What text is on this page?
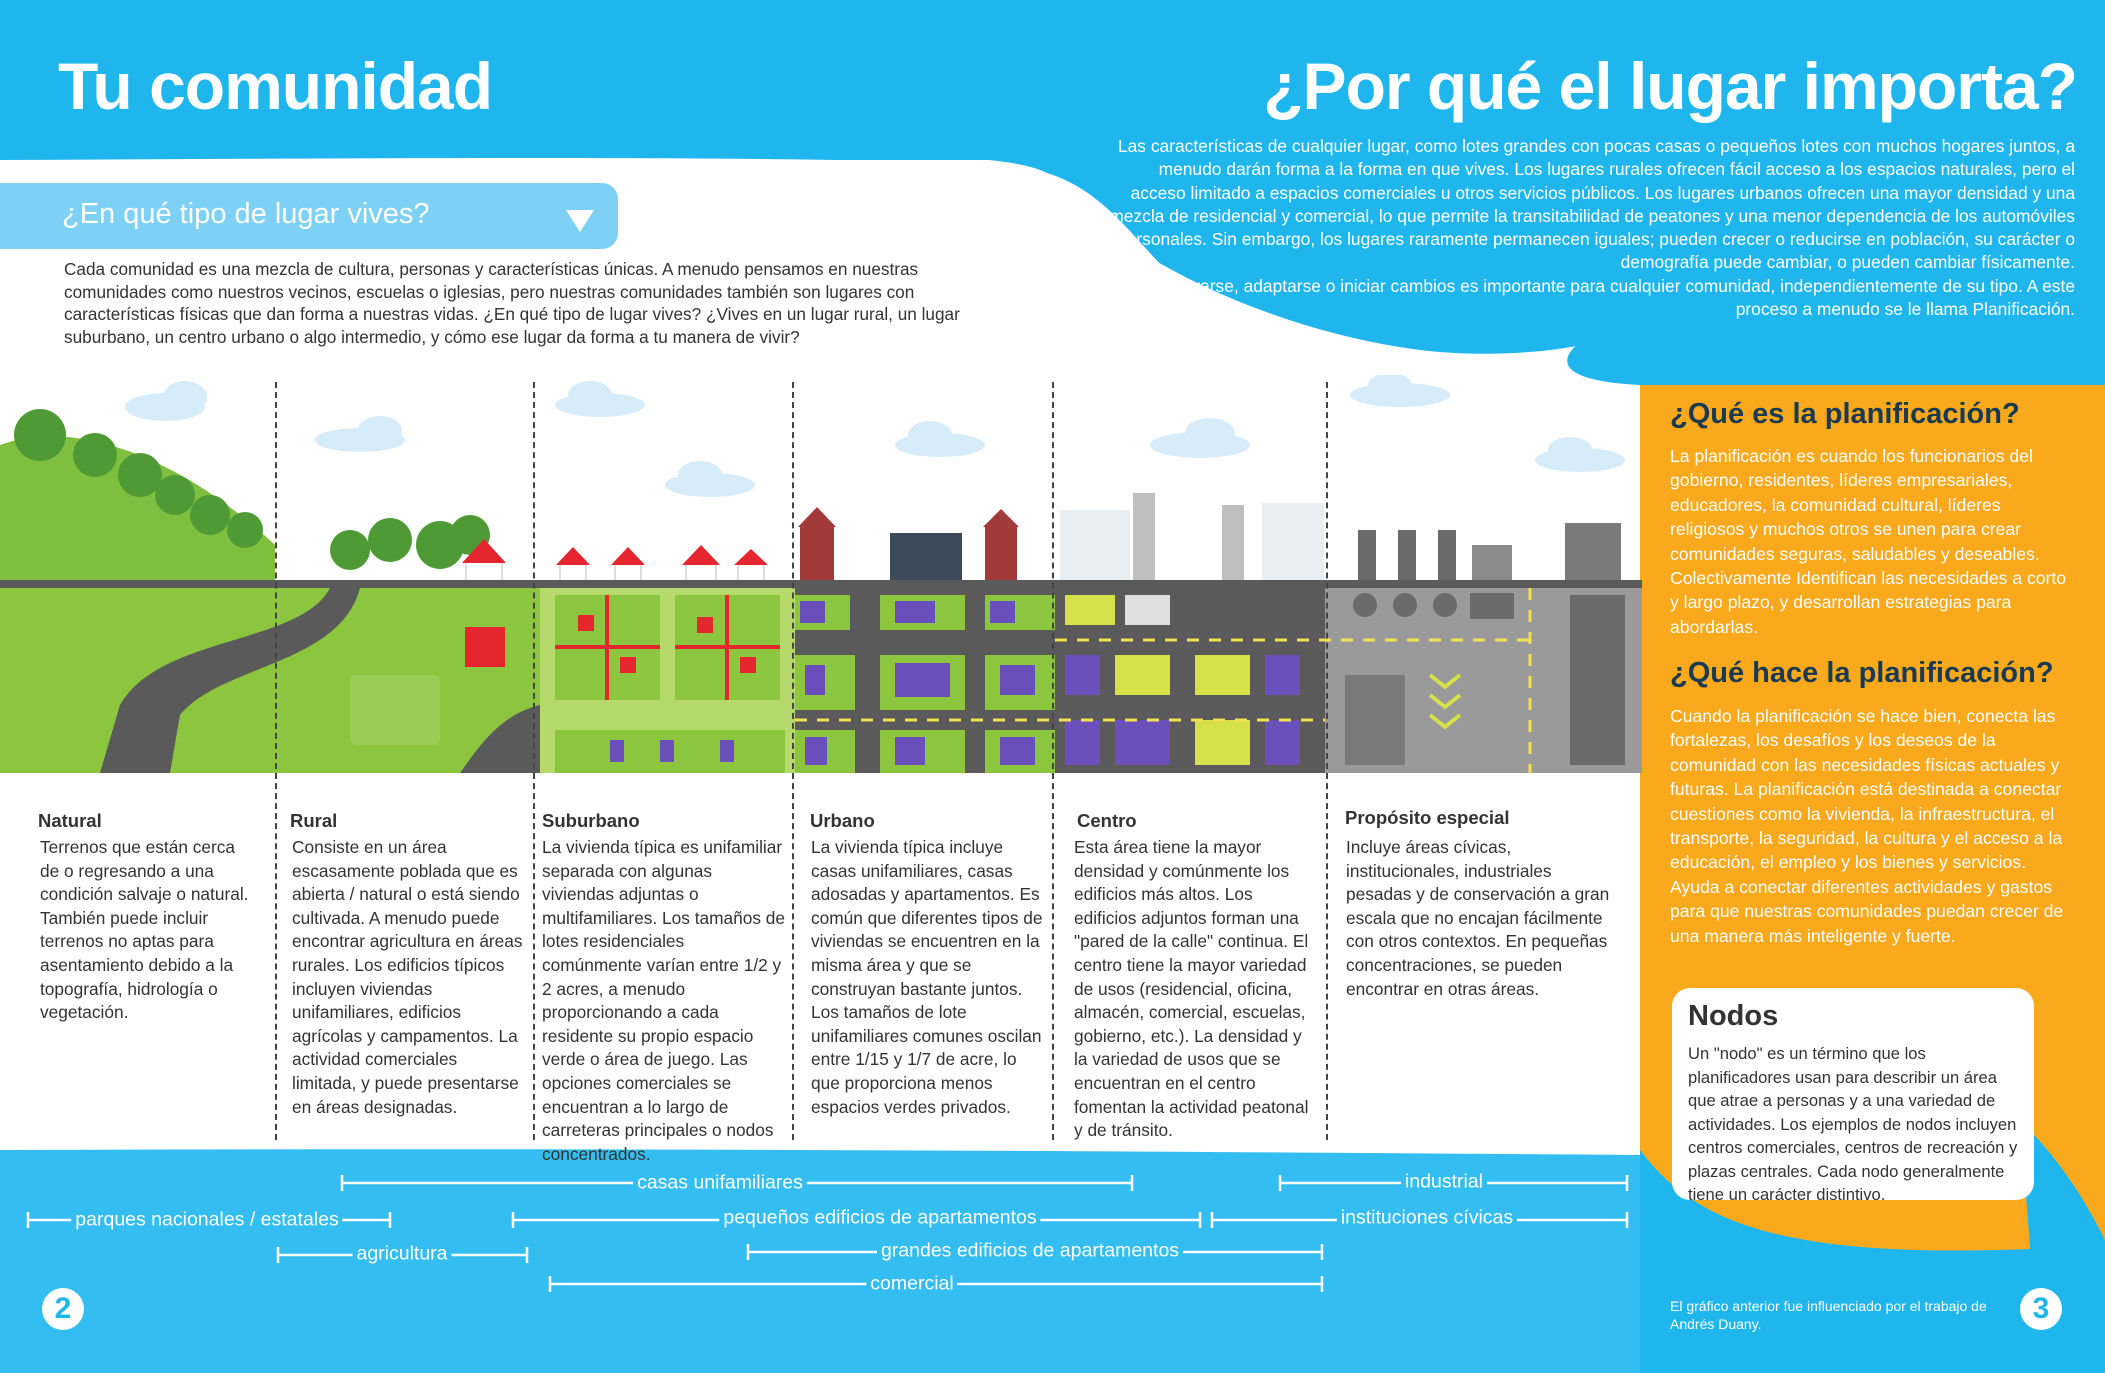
Tu comunidad	¿Por qué el lugar importa?

Las características de cualquier lugar, como lotes grandes con pocas casas o pequeños lotes con muchos hogares juntos, a menudo darán forma a la forma en que vives. Los lugares rurales ofrecen fácil acceso a los espacios naturales, pero el acceso limitado a espacios comerciales u otros servicios públicos. Los lugares urbanos ofrecen una mayor densidad y una mezcla de residencial y comercial, lo que permite la transitabilidad de peatones y una menor dependencia de los automóviles personales. Sin embargo, los lugares raramente permanecen iguales; pueden crecer o reducirse en población, su carácter o demografía puede cambiar, o pueden cambiar físicamente.

Prepararse, adaptarse o iniciar cambios es importante para cualquier comunidad, independientemente de su tipo. A este proceso a menudo se le llama Planificación.

¿En qué tipo de lugar vives?
Cada comunidad es una mezcla de cultura, personas y características únicas. A menudo pensamos en nuestras comunidades como nuestros vecinos, escuelas o iglesias, pero nuestras comunidades también son lugares con características físicas que dan forma a nuestras vidas. ¿En qué tipo de lugar vives? ¿Vives en un lugar rural, un lugar suburbano, un centro urbano o algo intermedio, y cómo ese lugar da forma a tu manera de vivir?
Natural
Terrenos que están cerca de o regresando a una condición salvaje o natural. También puede incluir terrenos no aptas para asentamiento debido a la topografía, hidrología o vegetación.
Rural
Consiste en un área escasamente poblada que es abierta / natural o está siendo cultivada. A menudo puede encontrar agricultura en áreas rurales. Los edificios típicos incluyen viviendas unifamiliares, edificios agrícolas y campamentos. La actividad comerciales limitada, y puede presentarse en áreas designadas.
Suburbano
La vivienda típica es unifamiliar separada con algunas viviendas adjuntas o multifamiliares. Los tamaños de lotes residenciales comúnmente varían entre 1/2 y 2 acres, a menudo proporcionando a cada residente su propio espacio verde o área de juego. Las opciones comerciales se encuentran a lo largo de carreteras principales o nodos concentrados.
Urbano
La vivienda típica incluye casas unifamiliares, casas adosadas y apartamentos. Es común que diferentes tipos de viviendas se encuentren en la misma área y que se construyan bastante juntos. Los tamaños de lote unifamiliares comunes oscilan entre 1/15 y 1/7 de acre, lo que proporciona menos espacios verdes privados.
Centro
Esta área tiene la mayor densidad y comúnmente los edificios más altos. Los edificios adjuntos forman una "pared de la calle" continua. El centro tiene la mayor variedad de usos (residencial, oficina, almacén, comercial, escuelas, gobierno, etc.). La densidad y la variedad de usos que se encuentran en el centro fomentan la actividad peatonal y de tránsito.
Propósito especial
Incluye áreas cívicas, institucionales, industriales pesadas y de conservación a gran escala que no encajan fácilmente con otros contextos. En pequeñas concentraciones, se pueden encontrar en otras áreas.
¿Qué es la planificación?
La planificación es cuando los funcionarios del gobierno, residentes, líderes empresariales, educadores, la comunidad cultural, líderes religiosos y muchos otros se unen para crear comunidades seguras, saludables y deseables. Colectivamente Identifican las necesidades a corto y largo plazo, y desarrollan estrategias para abordarlas.
¿Qué hace la planificación?
Cuando la planificación se hace bien, conecta las fortalezas, los desafíos y los deseos de la comunidad con las necesidades físicas actuales y futuras. La planificación está destinada a conectar cuestiones como la vivienda, la infraestructura, el transporte, la seguridad, la cultura y el acceso a la educación, el empleo y los bienes y servicios. Ayuda a conectar diferentes actividades y gastos para que nuestras comunidades puedan crecer de una manera más inteligente y fuerte.
Nodos
Un "nodo" es un término que los planificadores usan para describir un área que atrae a personas y a una variedad de actividades. Los ejemplos de nodos incluyen centros comerciales, centros de recreación y plazas centrales. Cada nodo generalmente tiene un carácter distintivo.
casas unifamiliares	industrial
parques nacionales / estatales	pequeños edificios de apartamentos	instituciones cívicas
agricultura	grandes edificios de apartamentos
comercial
2	3
El gráfico anterior fue influenciado por el trabajo de Andrés Duany.
